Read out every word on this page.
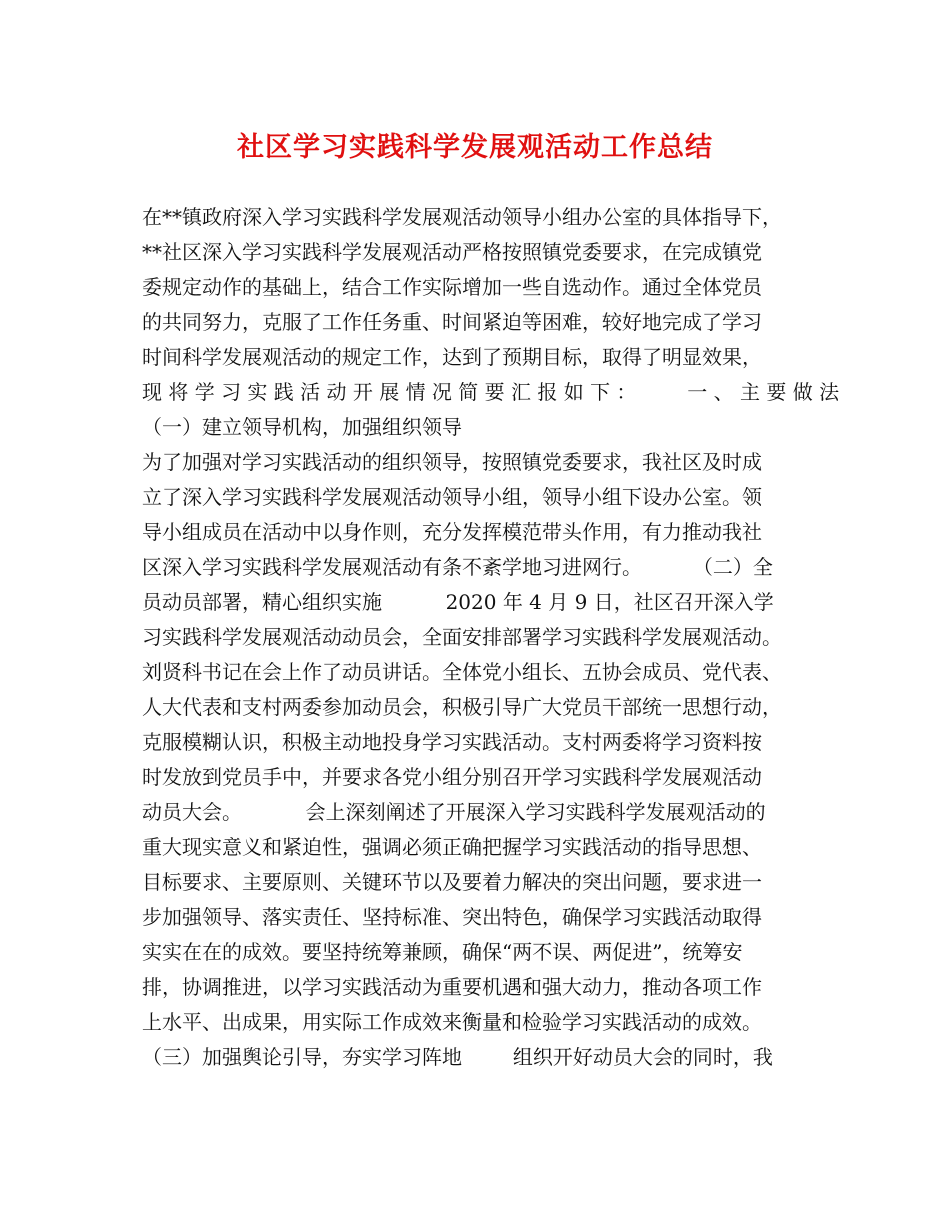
社区学习实践科学发展观活动工作总结
在**镇政府深入学习实践科学发展观活动领导小组办公室的具体指导下，
**社区深入学习实践科学发展观活动严格按照镇党委要求，在完成镇党
委规定动作的基础上，结合工作实际增加一些自选动作。通过全体党员
的共同努力，克服了工作任务重、时间紧迫等困难，较好地完成了学习
时间科学发展观活动的规定工作，达到了预期目标，取得了明显效果，
现 将 学 习 实 践 活 动 开 展 情 况 简 要 汇 报 如 下 ：        一 、 主 要 做 法
（一）建立领导机构，加强组织领导
为了加强对学习实践活动的组织领导，按照镇党委要求，我社区及时成
立了深入学习实践科学发展观活动领导小组，领导小组下设办公室。领
导小组成员在活动中以身作则，充分发挥模范带头作用，有力推动我社
区深入学习实践科学发展观活动有条不紊学地习进网行。        （二）全
员动员部署，精心组织实施          2020 年 4 月 9 日，社区召开深入学
习实践科学发展观活动动员会，全面安排部署学习实践科学发展观活动。
刘贤科书记在会上作了动员讲话。全体党小组长、五协会成员、党代表、
人大代表和支村两委参加动员会，积极引导广大党员干部统一思想行动，
克服模糊认识，积极主动地投身学习实践活动。支村两委将学习资料按
时发放到党员手中，并要求各党小组分别召开学习实践科学发展观活动
动员大会。          会上深刻阐述了开展深入学习实践科学发展观活动的
重大现实意义和紧迫性，强调必须正确把握学习实践活动的指导思想、
目标要求、主要原则、关键环节以及要着力解决的突出问题，要求进一
步加强领导、落实责任、坚持标准、突出特色，确保学习实践活动取得
实实在在的成效。要坚持统筹兼顾，确保“两不误、两促进”，统筹安
排，协调推进，以学习实践活动为重要机遇和强大动力，推动各项工作
上水平、出成果，用实际工作成效来衡量和检验学习实践活动的成效。
（三）加强舆论引导，夯实学习阵地        组织开好动员大会的同时，我
